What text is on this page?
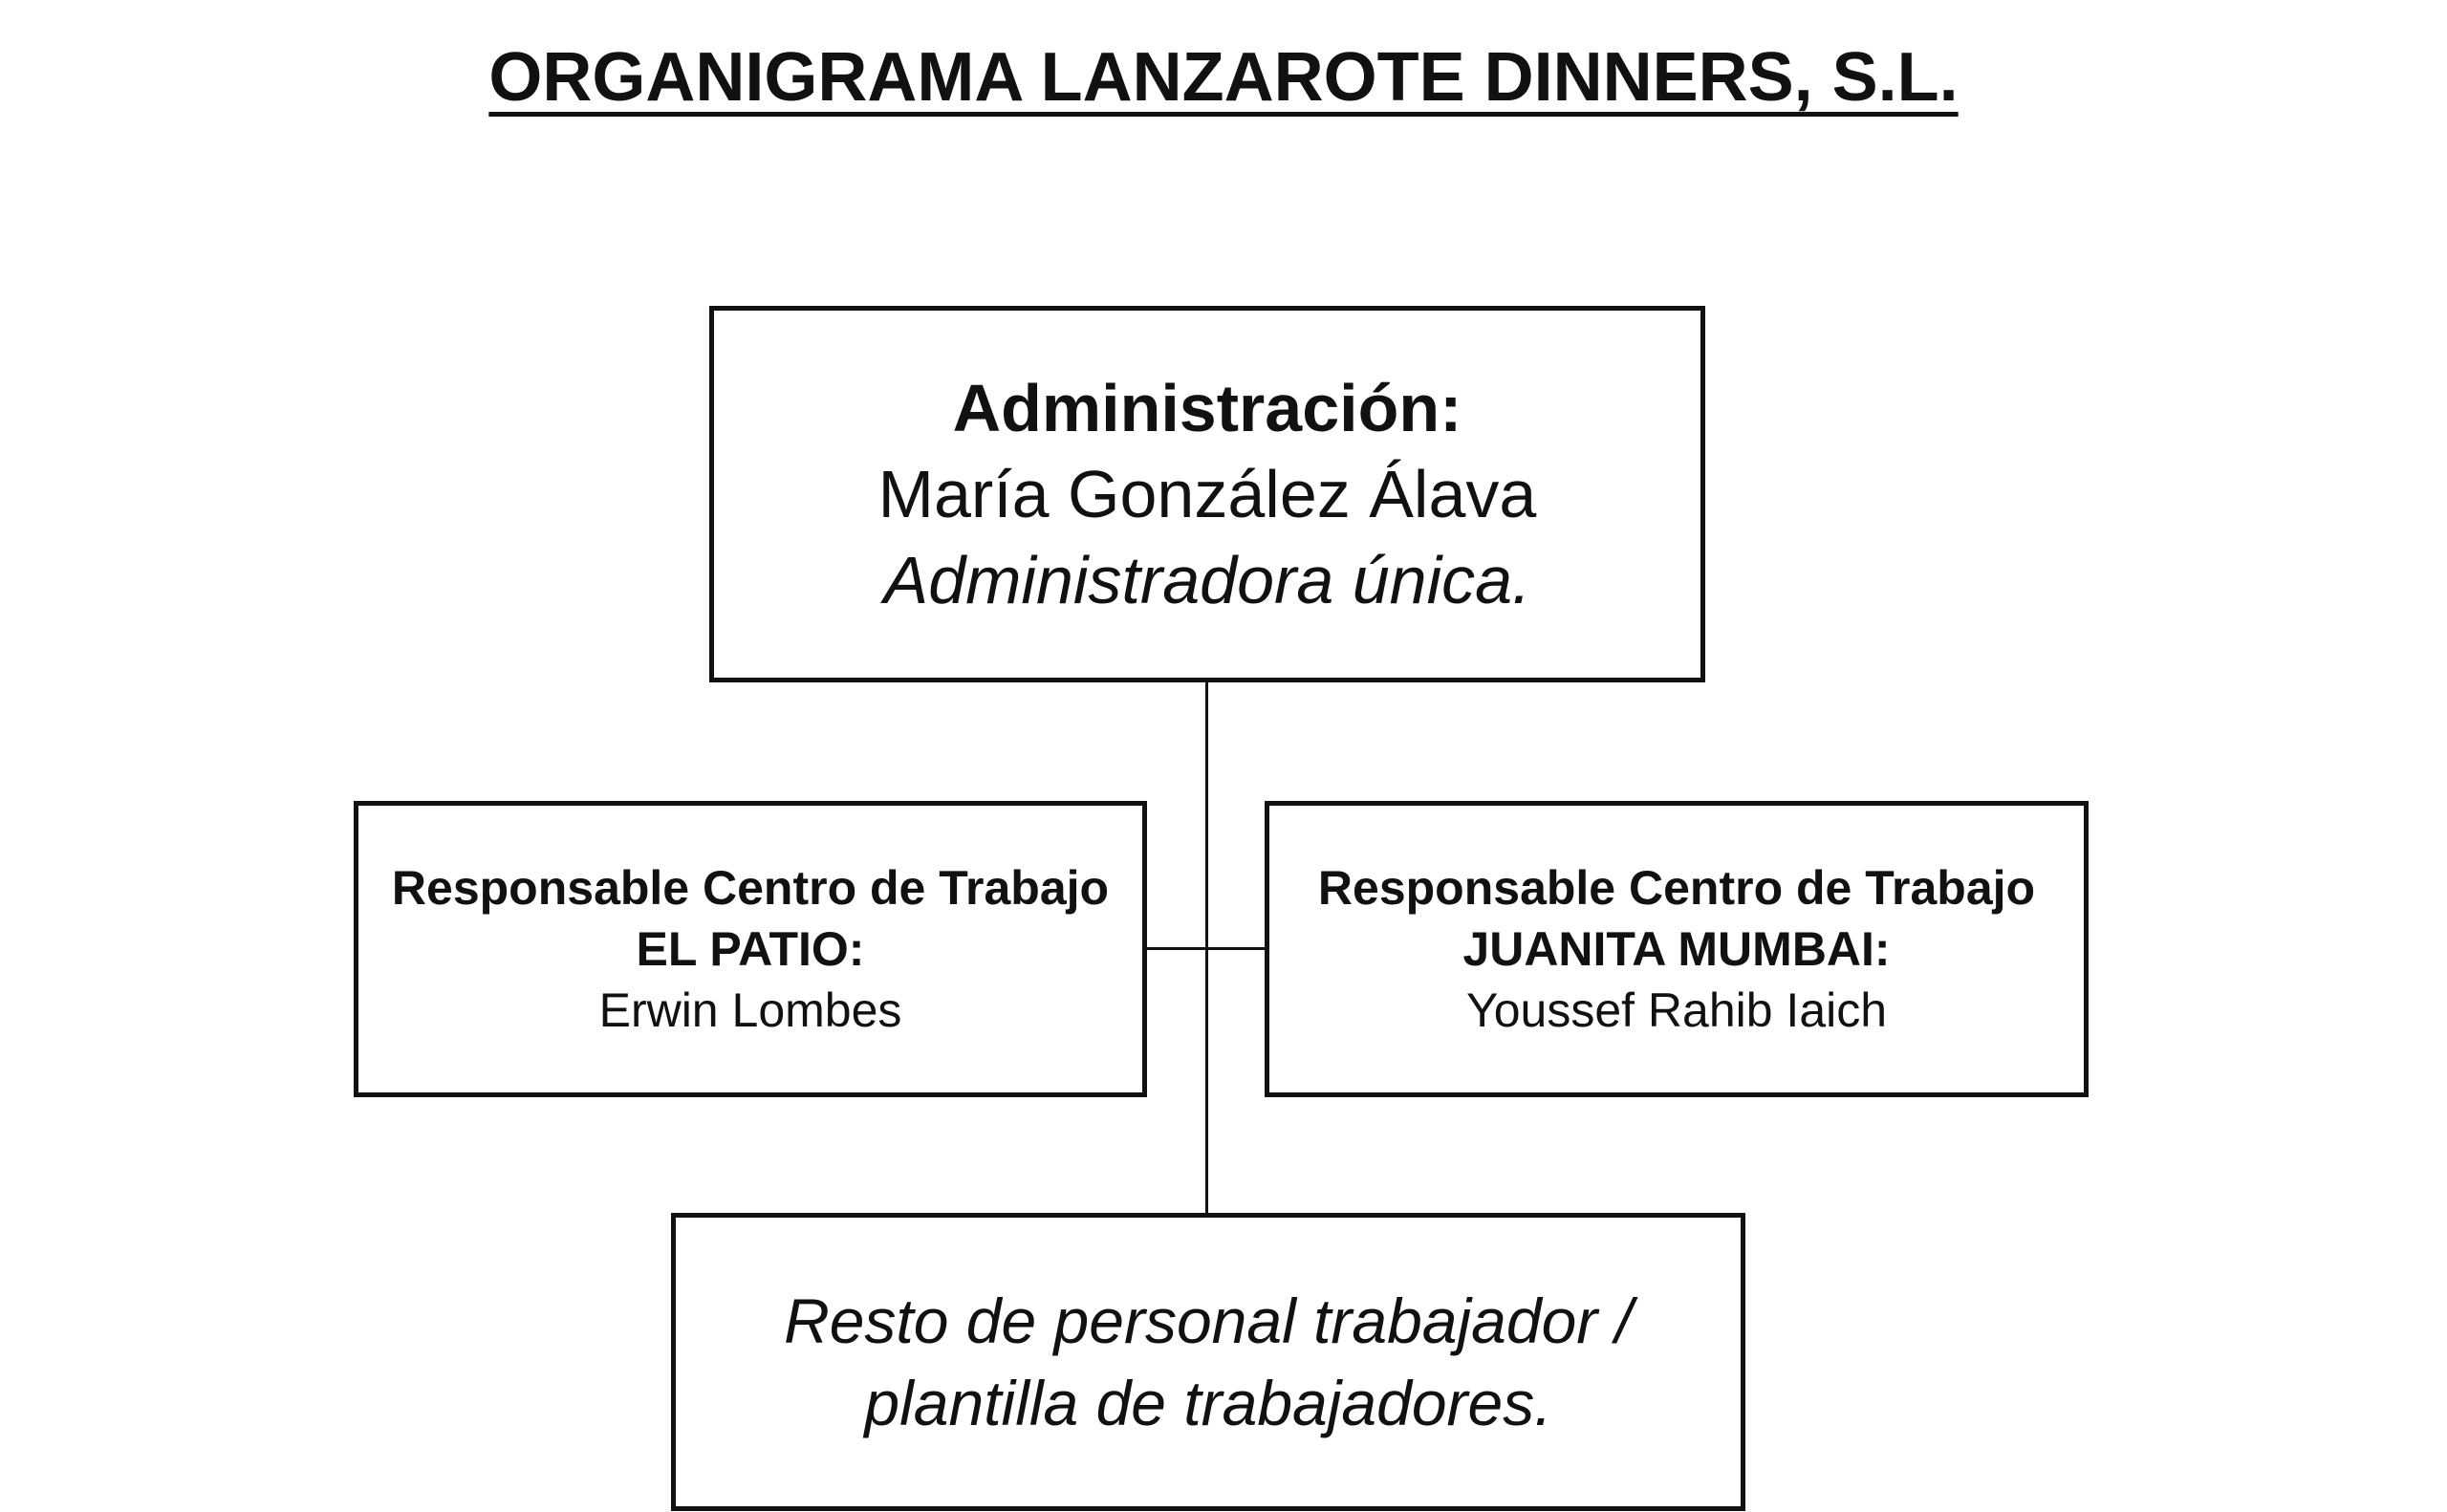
ORGANIGRAMA LANZAROTE DINNERS, S.L.
Administración:
María González Álava
Administradora única.
Responsable Centro de Trabajo
EL PATIO:
Erwin Lombes
Responsable Centro de Trabajo
JUANITA MUMBAI:
Youssef Rahib Iaich
Resto de personal trabajador /
plantilla de trabajadores.
